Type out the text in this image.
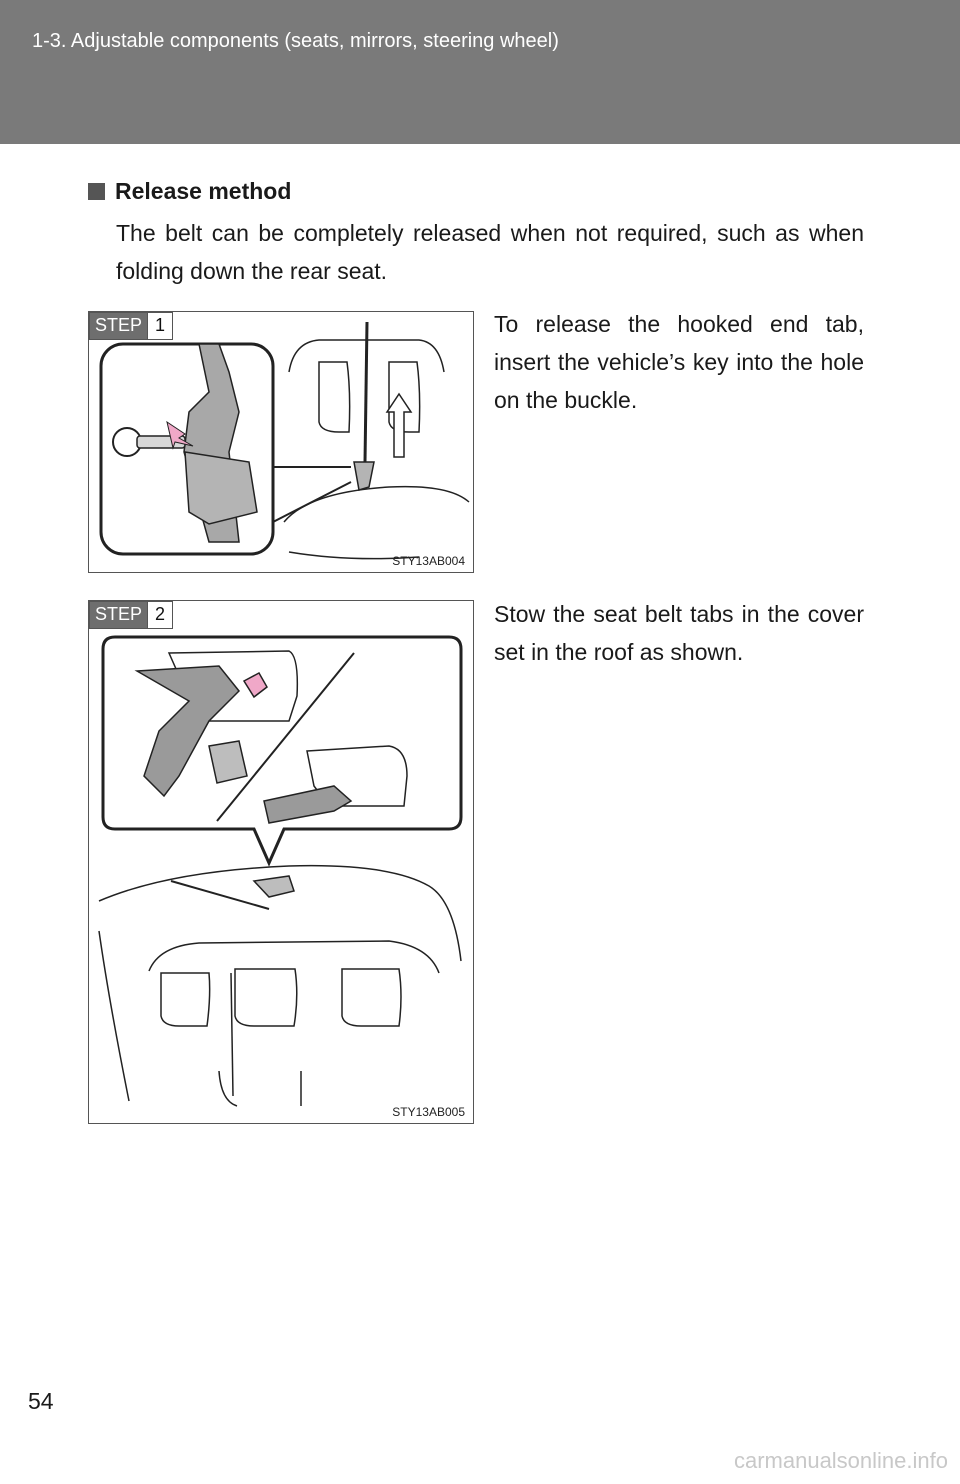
1-3. Adjustable components (seats, mirrors, steering wheel)
Release method
The belt can be completely released when not required, such as when folding down the rear seat.
STEP 1
STY13AB004
To release the hooked end tab, insert the vehicle’s key into the hole on the buckle.
STEP 2
STY13AB005
Stow the seat belt tabs in the cover set in the roof as shown.
54
carmanualsonline.info
